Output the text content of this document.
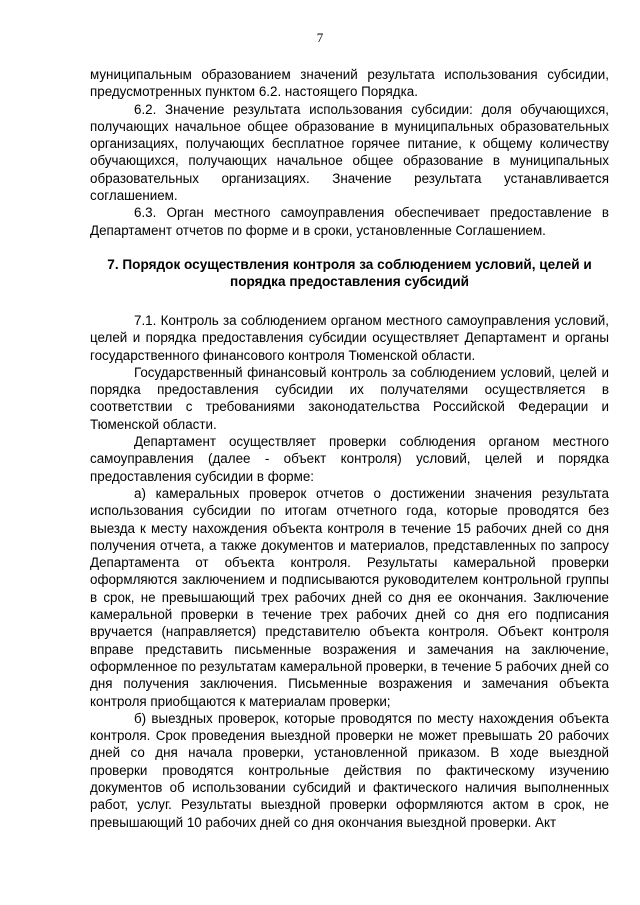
7

муниципальным образованием значений результата использования субсидии, предусмотренных пунктом 6.2. настоящего Порядка.

6.2. Значение результата использования субсидии: доля обучающихся, получающих начальное общее образование в муниципальных образовательных организациях, получающих бесплатное горячее питание, к общему количеству обучающихся, получающих начальное общее образование в муниципальных образовательных организациях. Значение результата устанавливается соглашением.

6.3. Орган местного самоуправления обеспечивает предоставление в Департамент отчетов по форме и в сроки, установленные Соглашением.

7. Порядок осуществления контроля за соблюдением условий, целей и порядка предоставления субсидий

7.1. Контроль за соблюдением органом местного самоуправления условий, целей и порядка предоставления субсидии осуществляет Департамент и органы государственного финансового контроля Тюменской области.

Государственный финансовый контроль за соблюдением условий, целей и порядка предоставления субсидии их получателями осуществляется в соответствии с требованиями законодательства Российской Федерации и Тюменской области.

Департамент осуществляет проверки соблюдения органом местного самоуправления (далее - объект контроля) условий, целей и порядка предоставления субсидии в форме:

а) камеральных проверок отчетов о достижении значения результата использования субсидии по итогам отчетного года, которые проводятся без выезда к месту нахождения объекта контроля в течение 15 рабочих дней со дня получения отчета, а также документов и материалов, представленных по запросу Департамента от объекта контроля. Результаты камеральной проверки оформляются заключением и подписываются руководителем контрольной группы в срок, не превышающий трех рабочих дней со дня ее окончания. Заключение камеральной проверки в течение трех рабочих дней со дня его подписания вручается (направляется) представителю объекта контроля. Объект контроля вправе представить письменные возражения и замечания на заключение, оформленное по результатам камеральной проверки, в течение 5 рабочих дней со дня получения заключения. Письменные возражения и замечания объекта контроля приобщаются к материалам проверки;

б) выездных проверок, которые проводятся по месту нахождения объекта контроля. Срок проведения выездной проверки не может превышать 20 рабочих дней со дня начала проверки, установленной приказом. В ходе выездной проверки проводятся контрольные действия по фактическому изучению документов об использовании субсидий и фактического наличия выполненных работ, услуг. Результаты выездной проверки оформляются актом в срок, не превышающий 10 рабочих дней со дня окончания выездной проверки. Акт
